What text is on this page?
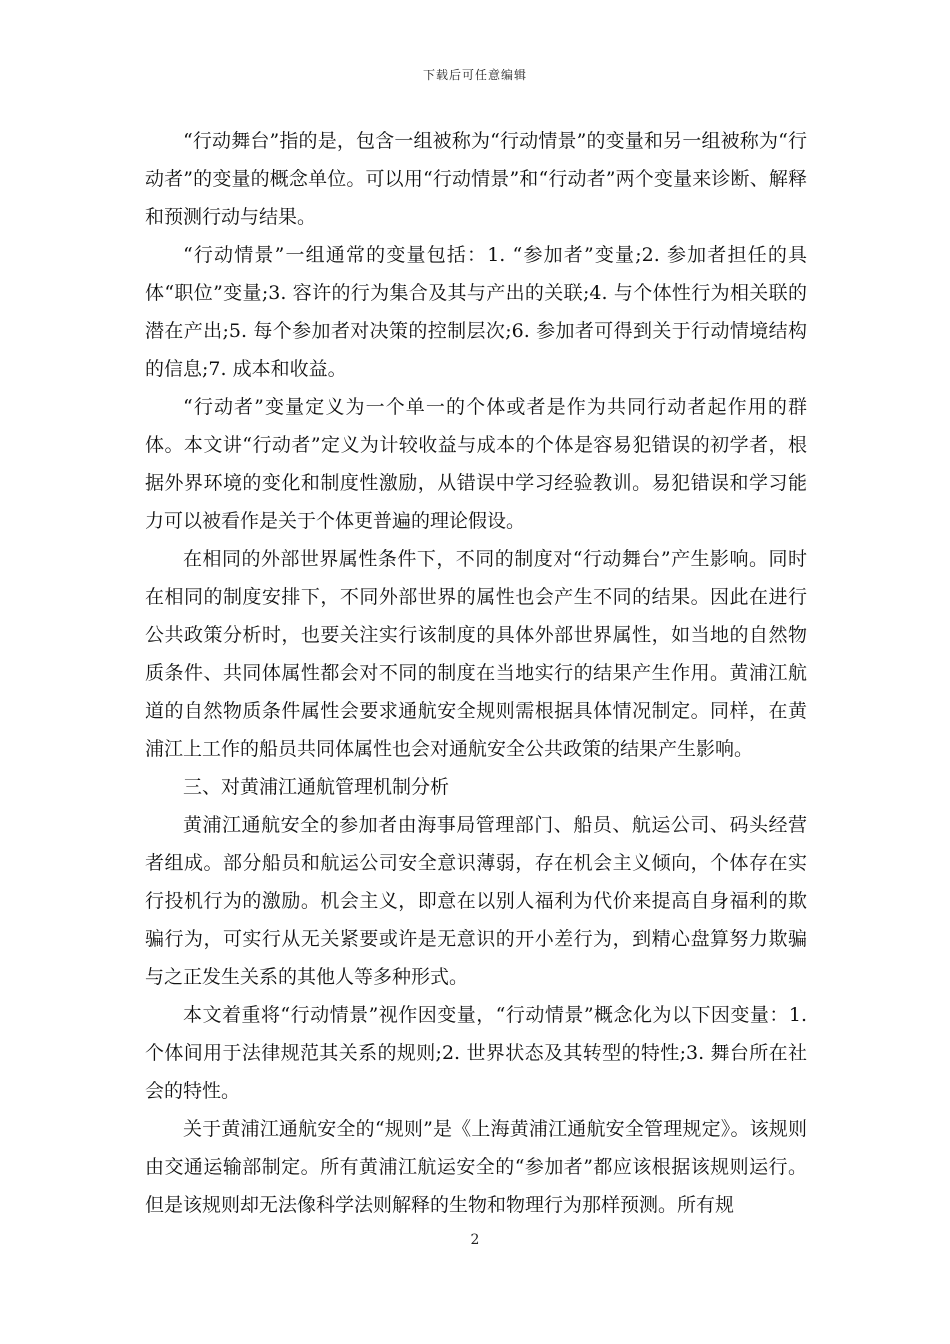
下载后可任意编辑

“行动舞台”指的是，包含一组被称为“行动情景”的变量和另一组被称为“行动者”的变量的概念单位。可以用“行动情景”和“行动者”两个变量来诊断、解释和预测行动与结果。

“行动情景”一组通常的变量包括：1. “参加者”变量;2. 参加者担任的具体“职位”变量;3. 容许的行为集合及其与产出的关联;4. 与个体性行为相关联的潜在产出;5. 每个参加者对决策的控制层次;6. 参加者可得到关于行动情境结构的信息;7. 成本和收益。

“行动者”变量定义为一个单一的个体或者是作为共同行动者起作用的群体。本文讲“行动者”定义为计较收益与成本的个体是容易犯错误的初学者，根据外界环境的变化和制度性激励，从错误中学习经验教训。易犯错误和学习能力可以被看作是关于个体更普遍的理论假设。

在相同的外部世界属性条件下，不同的制度对“行动舞台”产生影响。同时在相同的制度安排下，不同外部世界的属性也会产生不同的结果。因此在进行公共政策分析时，也要关注实行该制度的具体外部世界属性，如当地的自然物质条件、共同体属性都会对不同的制度在当地实行的结果产生作用。黄浦江航道的自然物质条件属性会要求通航安全规则需根据具体情况制定。同样，在黄浦江上工作的船员共同体属性也会对通航安全公共政策的结果产生影响。

三、对黄浦江通航管理机制分析

黄浦江通航安全的参加者由海事局管理部门、船员、航运公司、码头经营者组成。部分船员和航运公司安全意识薄弱，存在机会主义倾向，个体存在实行投机行为的激励。机会主义，即意在以别人福利为代价来提高自身福利的欺骗行为，可实行从无关紧要或许是无意识的开小差行为，到精心盘算努力欺骗与之正发生关系的其他人等多种形式。

本文着重将“行动情景”视作因变量，“行动情景”概念化为以下因变量：1. 个体间用于法律规范其关系的规则;2. 世界状态及其转型的特性;3. 舞台所在社会的特性。

关于黄浦江通航安全的“规则”是《上海黄浦江通航安全管理规定》。该规则由交通运输部制定。所有黄浦江航运安全的“参加者”都应该根据该规则运行。但是该规则却无法像科学法则解释的生物和物理行为那样预测。所有规

2
